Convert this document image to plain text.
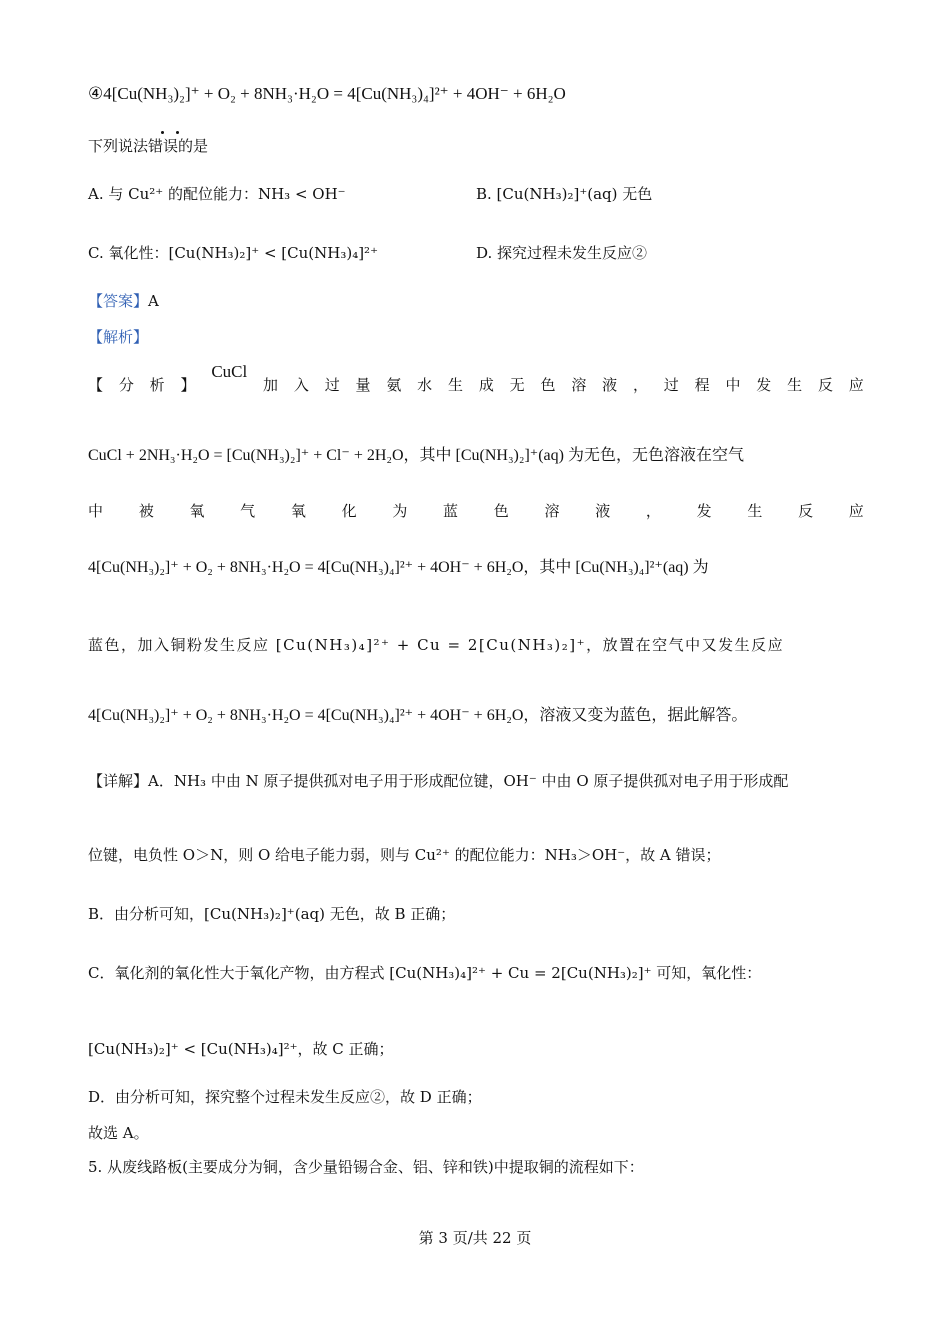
④4[Cu(NH₃)₂]⁺ + O₂ + 8NH₃·H₂O = 4[Cu(NH₃)₄]²⁺ + 4OH⁻ + 6H₂O
下列说法错误的是
A. 与 Cu²⁺ 的配位能力：NH₃ < OH⁻	B. [Cu(NH₃)₂]⁺(aq) 无色
C. 氧化性：[Cu(NH₃)₂]⁺ < [Cu(NH₃)₄]²⁺	D. 探究过程未发生反应②
【答案】A
【解析】
【 分 析 】
CuCl
加 入 过 量 氨 水 生 成 无 色 溶 液 ， 过 程 中 发 生 反 应
CuCl + 2NH₃·H₂O = [Cu(NH₃)₂]⁺ + Cl⁻ + 2H₂O，其中 [Cu(NH₃)₂]⁺(aq) 为无色，无色溶液在空气
中 被 氧 气 氧 化 为 蓝 色 溶 液 ， 发 生 反 应
4[Cu(NH₃)₂]⁺ + O₂ + 8NH₃·H₂O = 4[Cu(NH₃)₄]²⁺ + 4OH⁻ + 6H₂O，其中 [Cu(NH₃)₄]²⁺(aq) 为
蓝色，加入铜粉发生反应 [Cu(NH₃)₄]²⁺ + Cu = 2[Cu(NH₃)₂]⁺，放置在空气中又发生反应
4[Cu(NH₃)₂]⁺ + O₂ + 8NH₃·H₂O = 4[Cu(NH₃)₄]²⁺ + 4OH⁻ + 6H₂O，溶液又变为蓝色，据此解答。
【详解】A．NH₃ 中由 N 原子提供孤对电子用于形成配位键，OH⁻ 中由 O 原子提供孤对电子用于形成配
位键，电负性 O＞N，则 O 给电子能力弱，则与 Cu²⁺ 的配位能力：NH₃＞OH⁻，故 A 错误；
B．由分析可知，[Cu(NH₃)₂]⁺(aq) 无色，故 B 正确；
C．氧化剂的氧化性大于氧化产物，由方程式 [Cu(NH₃)₄]²⁺ + Cu = 2[Cu(NH₃)₂]⁺ 可知，氧化性：
[Cu(NH₃)₂]⁺ < [Cu(NH₃)₄]²⁺，故 C 正确；
D．由分析可知，探究整个过程未发生反应②，故 D 正确；
故选 A。
5. 从废线路板(主要成分为铜，含少量铅锡合金、铝、锌和铁)中提取铜的流程如下：
第 3 页/共 22 页
